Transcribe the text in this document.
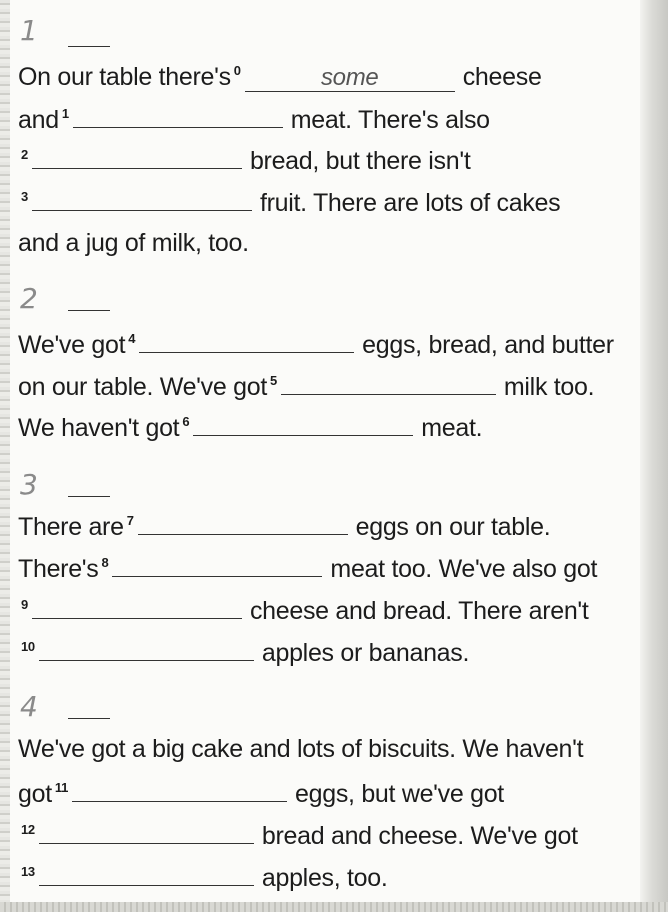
1
On our table there's $^0$	some	cheese
and $^1$	meat. There's also
$^2$	bread, but there isn't
$^3$	fruit. There are lots of cakes
and a jug of milk, too.
2
We've got $^4$	eggs, bread, and butter
on our table. We've got $^5$	milk too.
We haven't got $^6$	meat.
3
There are $^7$	eggs on our table.
There's $^8$	meat too. We've also got
$^9$	cheese and bread. There aren't
$^{10}$	apples or bananas.
4
We've got a big cake and lots of biscuits. We haven't
got $^{11}$	eggs, but we've got
$^{12}$	bread and cheese. We've got
$^{13}$	apples, too.
